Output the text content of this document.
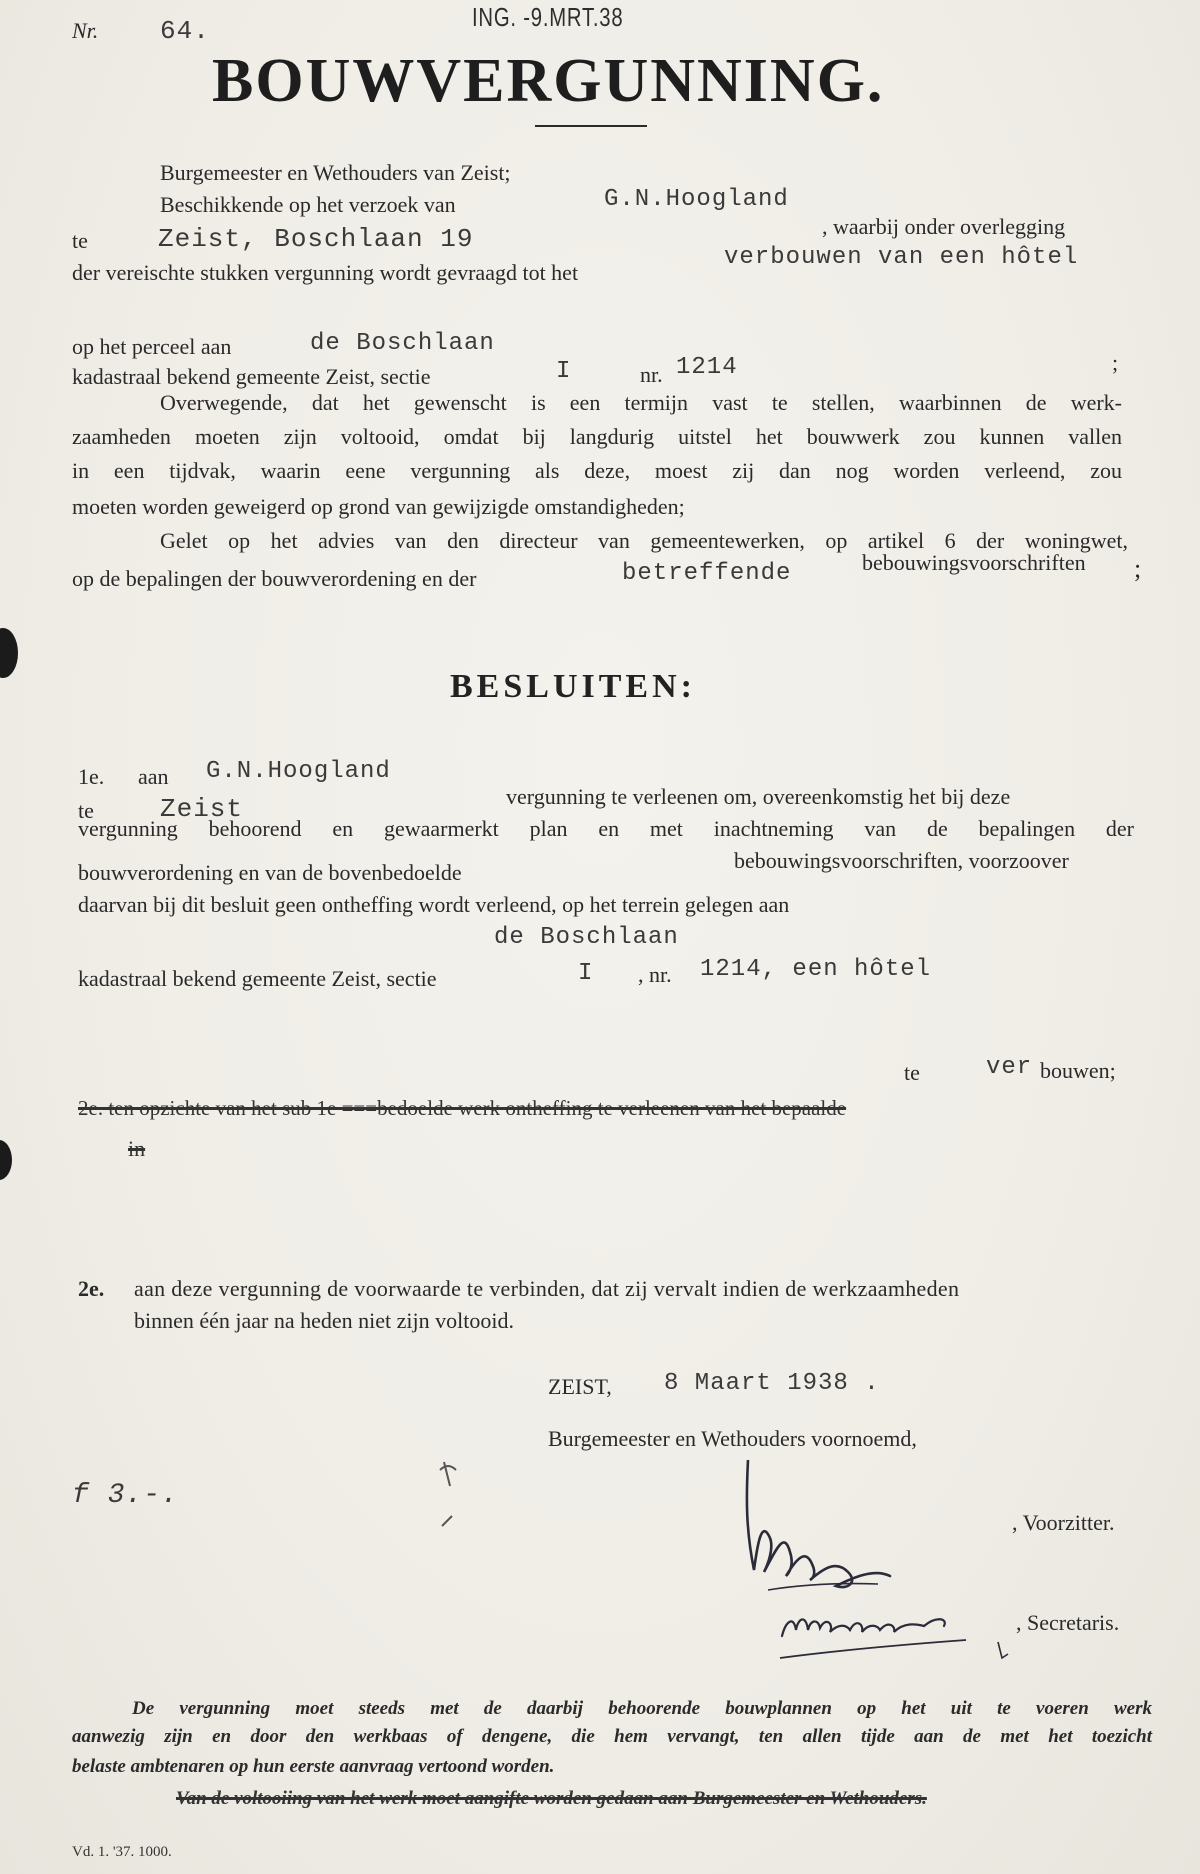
Nr. 64.	ING. -9.MRT.38
BOUWVERGUNNING.
Burgemeester en Wethouders van Zeist;
Beschikkende op het verzoek van	G.N.Hoogland
te	Zeist, Boschlaan 19	, waarbij onder overlegging
der vereischte stukken vergunning wordt gevraagd tot het
verbouwen van een hôtel
op het perceel aan	de Boschlaan
kadastraal bekend gemeente Zeist, sectie	I	nr. 1214	;
Overwegende, dat het gewenscht is een termijn vast te stellen, waarbinnen de werk-
zaamheden moeten zijn voltooid, omdat bij langdurig uitstel het bouwwerk zou kunnen vallen
in een tijdvak, waarin eene vergunning als deze, moest zij dan nog worden verleend, zou
moeten worden geweigerd op grond van gewijzigde omstandigheden;
Gelet op het advies van den directeur van gemeentewerken, op artikel 6 der woningwet,
op de bepalingen der bouwverordening en der	betreffende	bebouwingsvoorschriften ;
BESLUITEN:
1e. aan G.N.Hoogland
te	Zeist	vergunning te verleenen om, overeenkomstig het bij deze
vergunning behoorend en gewaarmerkt plan en met inachtneming van de bepalingen der
bouwverordening en van de bovenbedoelde	bebouwingsvoorschriften, voorzoover
daarvan bij dit besluit geen ontheffing wordt verleend, op het terrein gelegen aan
de Boschlaan
kadastraal bekend gemeente Zeist, sectie	I , nr. 1214, een hôtel
te	ver bouwen;
2e. ten opzichte van het sub 1e ===bedoelde werk ontheffing te verleenen van het bepaalde
in
2e. aan deze vergunning de voorwaarde te verbinden, dat zij vervalt indien de werkzaamheden
binnen één jaar na heden niet zijn voltooid.
ZEIST, 8 Maart 1938 .
Burgemeester en Wethouders voornoemd,
f 3.-.
, Voorzitter.
, Secretaris.
De vergunning moet steeds met de daarbij behoorende bouwplannen op het uit te voeren werk
aanwezig zijn en door den werkbaas of dengene, die hem vervangt, ten allen tijde aan de met het toezicht
belaste ambtenaren op hun eerste aanvraag vertoond worden.
Van de voltooiing van het werk moet aangifte worden gedaan aan Burgemeester en Wethouders.
Vd. 1. '37. 1000.
